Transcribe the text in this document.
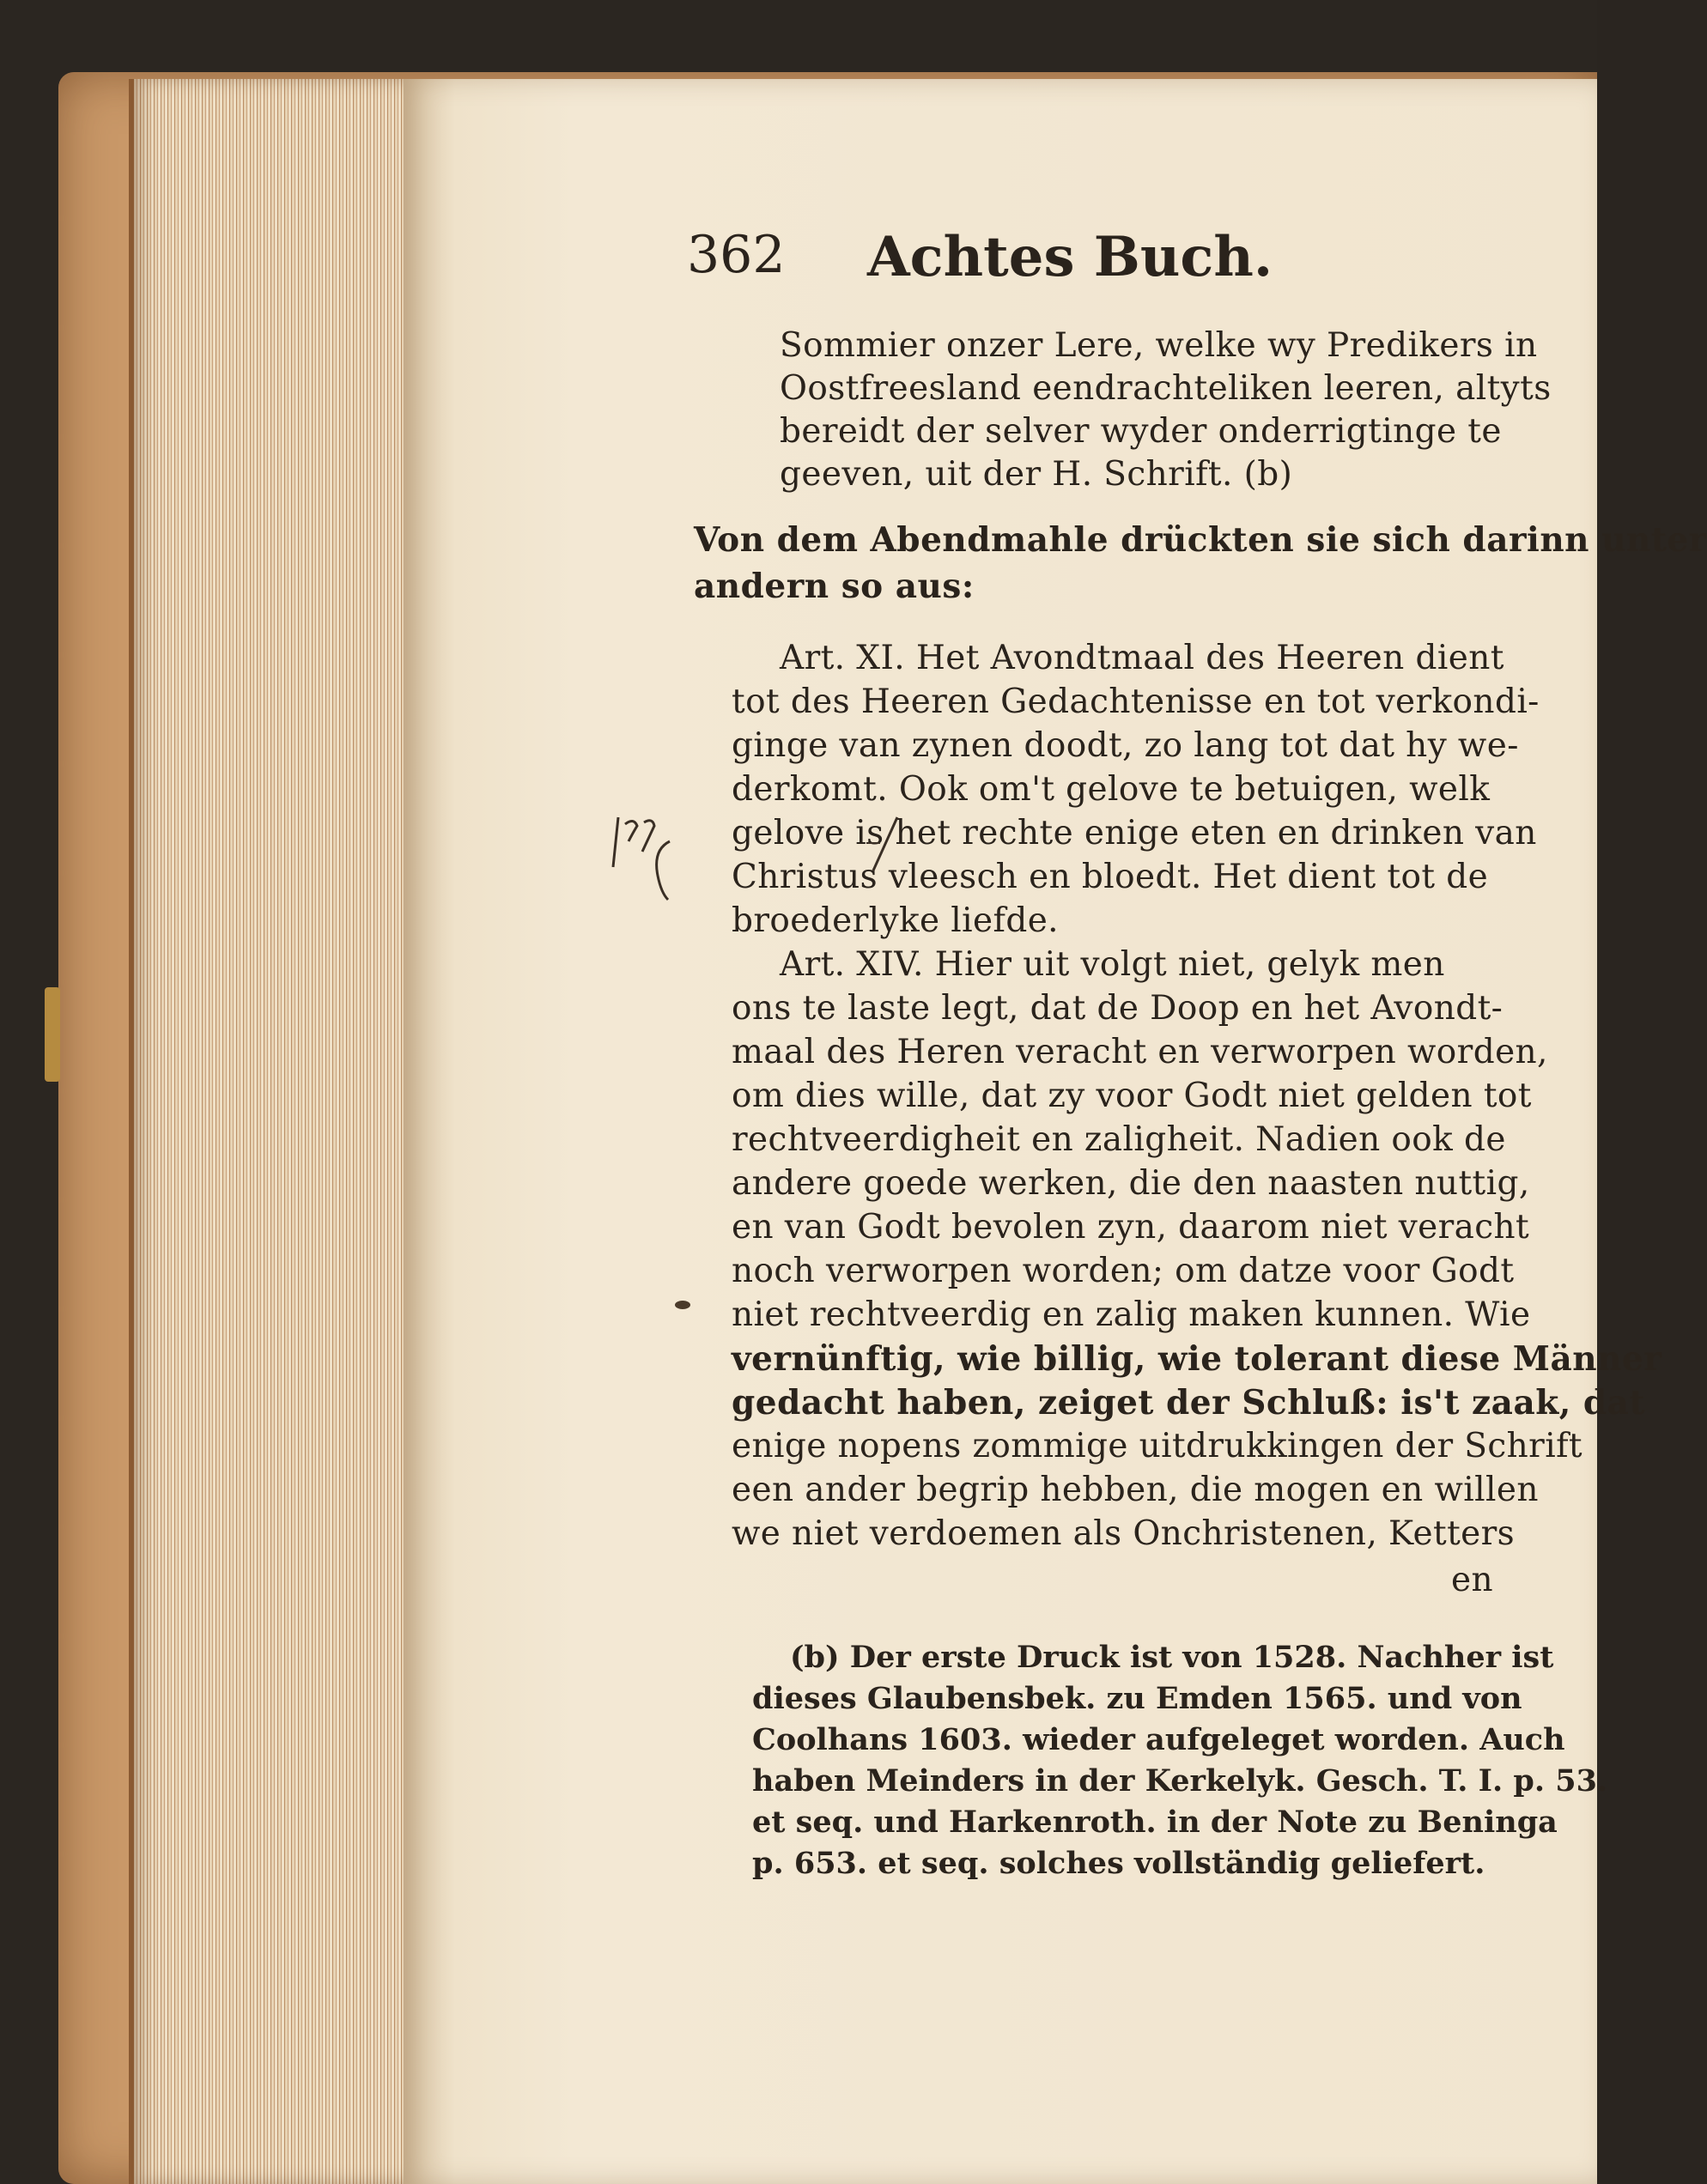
362 Achtes Buch.
Sommier onzer Lere, welke wy Predikers in
Oostfreesland eendrachteliken leeren, altyts
bereidt der selver wyder onderrigtinge te
geeven, uit der H. Schrift. (b)
Von dem Abendmahle drückten sie sich darinn unter
andern so aus:
Art. XI. Het Avondtmaal des Heeren dient
tot des Heeren Gedachtenisse en tot verkondi-
ginge van zynen doodt, zo lang tot dat hy we-
derkomt. Ook om't gelove te betuigen, welk
gelove is het rechte enige eten en drinken van
Christus vleesch en bloedt. Het dient tot de
broederlyke liefde.
Art. XIV. Hier uit volgt niet, gelyk men
ons te laste legt, dat de Doop en het Avondt-
maal des Heren veracht en verworpen worden,
om dies wille, dat zy voor Godt niet gelden tot
rechtveerdigheit en zaligheit. Nadien ook de
andere goede werken, die den naasten nuttig,
en van Godt bevolen zyn, daarom niet veracht
noch verworpen worden; om datze voor Godt
niet rechtveerdig en zalig maken kunnen. Wie
vernünftig, wie billig, wie tolerant diese Männer
gedacht haben, zeiget der Schluß: is't zaak, dat
enige nopens zommige uitdrukkingen der Schrift
een ander begrip hebben, die mogen en willen
we niet verdoemen als Onchristenen, Ketters
en
(b) Der erste Druck ist von 1528. Nachher ist
dieses Glaubensbek. zu Emden 1565. und von
Coolhans 1603. wieder aufgeleget worden. Auch
haben Meinders in der Kerkelyk. Gesch. T. I. p. 53.
et seq. und Harkenroth. in der Note zu Beninga
p. 653. et seq. solches vollständig geliefert.
